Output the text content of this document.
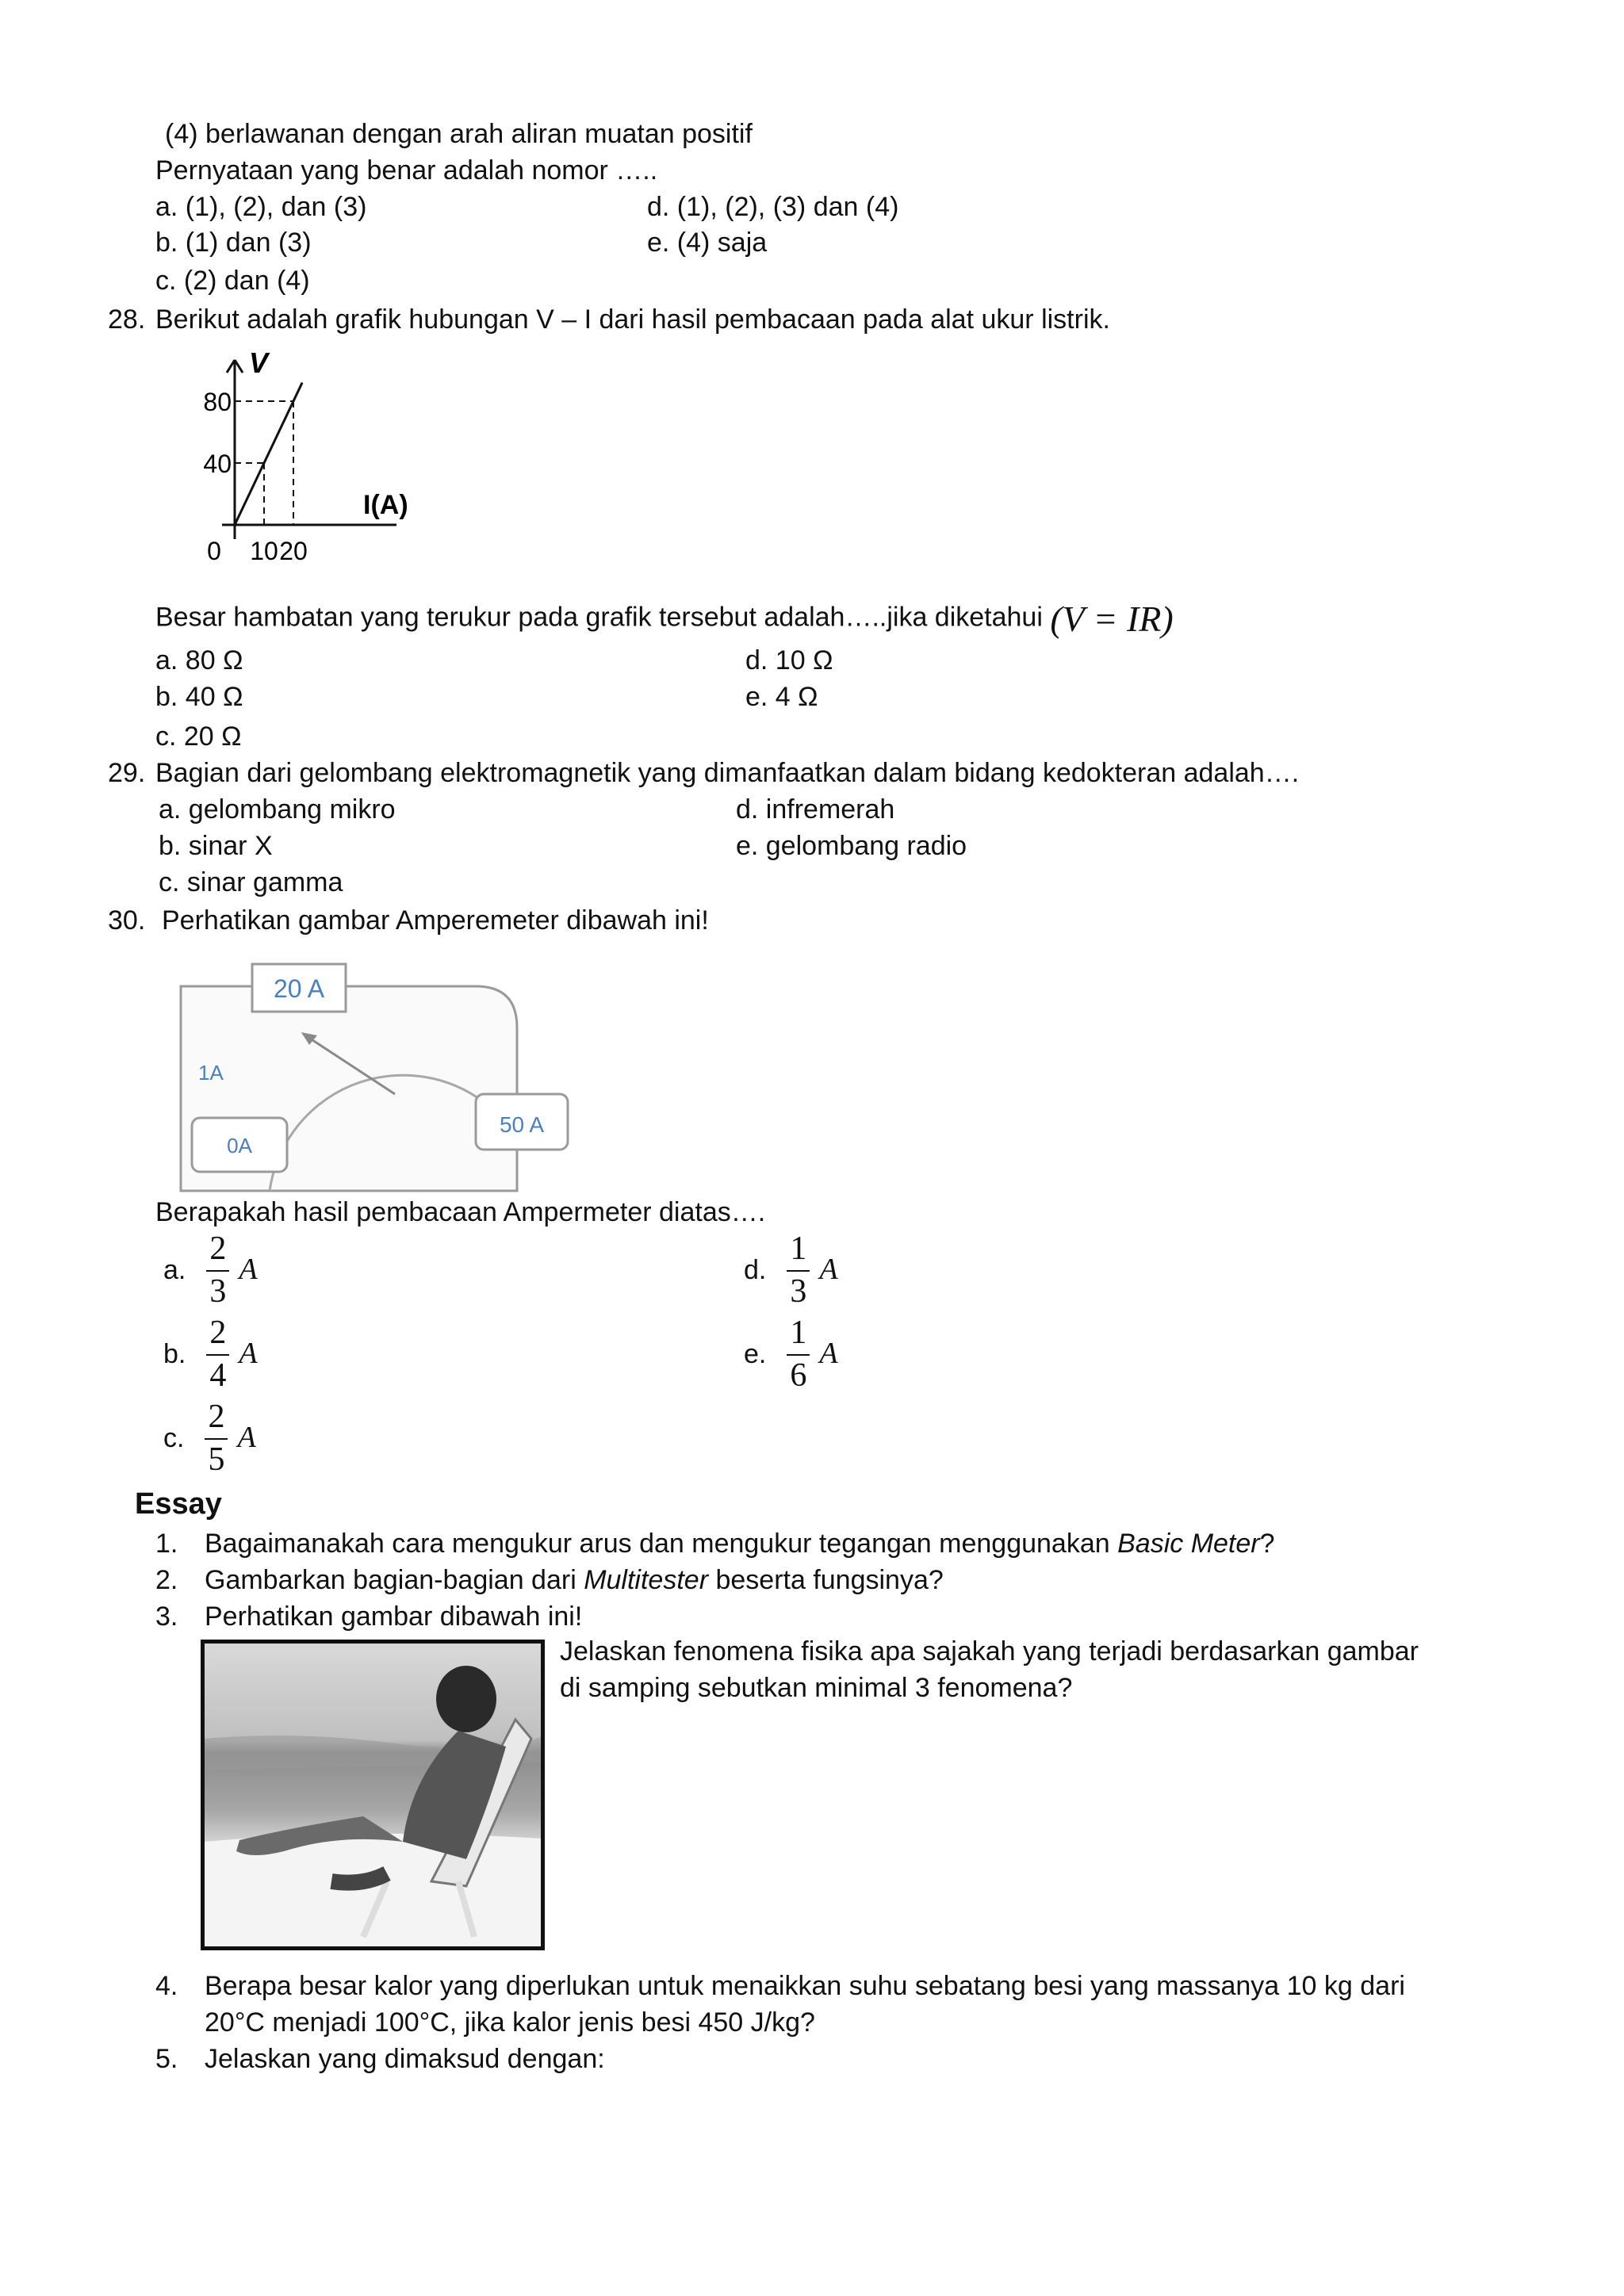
(4) berlawanan dengan arah aliran muatan positif
Pernyataan yang benar adalah nomor …..
a. (1), (2), dan (3)	d. (1), (2), (3) dan (4)
b. (1) dan (3)	e. (4) saja
c. (2) dan (4)
28. Berikut adalah grafik hubungan V – I dari hasil pembacaan pada alat ukur listrik.
40
80
0 10 20
V
I(A)
Besar hambatan yang terukur pada grafik tersebut adalah…..jika diketahui (V = IR)
a. 80 Ω	d. 10 Ω
b. 40 Ω	e. 4 Ω
c. 20 Ω
29. Bagian dari gelombang elektromagnetik yang dimanfaatkan dalam bidang kedokteran adalah….
a. gelombang mikro	d. infremerah
b. sinar X	e. gelombang radio
c. sinar gamma
30. Perhatikan gambar Amperemeter dibawah ini!
20 A
1A
0A
50 A
Berapakah hasil pembacaan Ampermeter diatas….
a. $\frac{2}{3}$ A	d. $\frac{1}{3}$ A
b. $\frac{2}{4}$ A	e. $\frac{1}{6}$ A
c. $\frac{2}{5}$ A
Essay
1. Bagaimanakah cara mengukur arus dan mengukur tegangan menggunakan Basic Meter?
2. Gambarkan bagian-bagian dari Multitester beserta fungsinya?
3. Perhatikan gambar dibawah ini!
Jelaskan fenomena fisika apa sajakah yang terjadi berdasarkan gambar
di samping sebutkan minimal 3 fenomena?
4. Berapa besar kalor yang diperlukan untuk menaikkan suhu sebatang besi yang massanya 10 kg dari
20°C menjadi 100°C, jika kalor jenis besi 450 J/kg?
5. Jelaskan yang dimaksud dengan:
